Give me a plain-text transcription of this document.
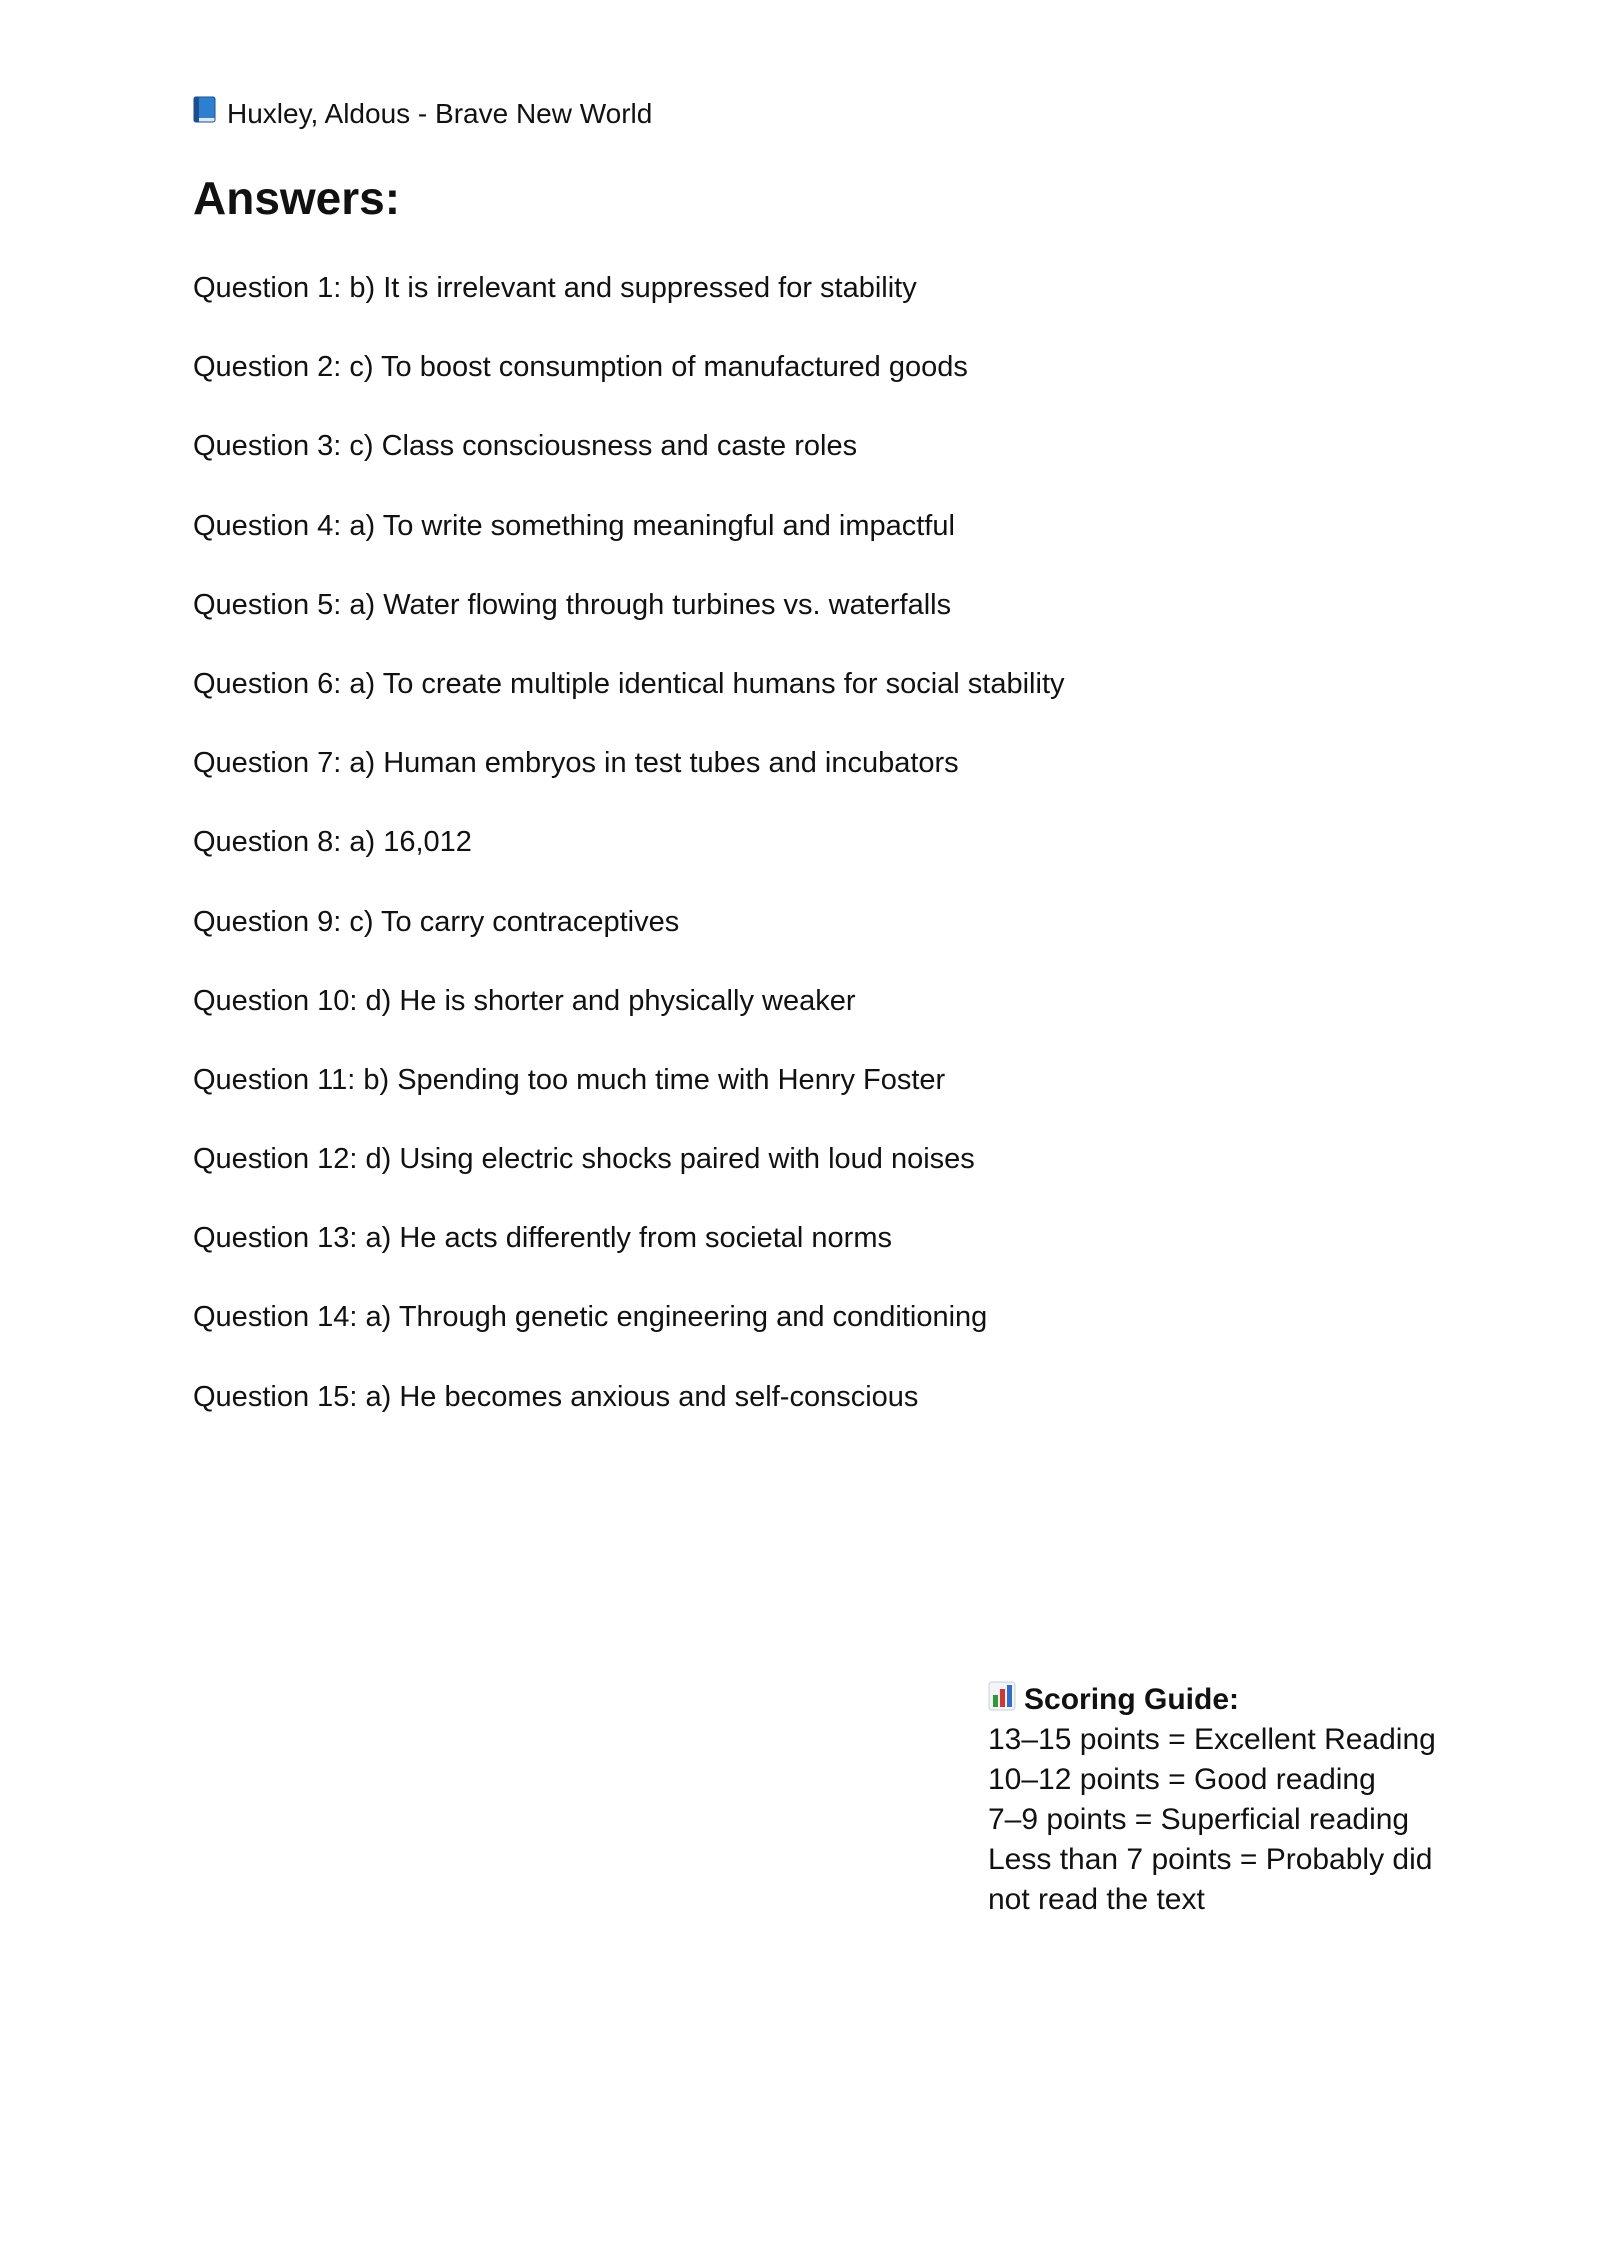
Huxley, Aldous - Brave New World
Answers:
Question 1: b) It is irrelevant and suppressed for stability
Question 2: c) To boost consumption of manufactured goods
Question 3: c) Class consciousness and caste roles
Question 4: a) To write something meaningful and impactful
Question 5: a) Water flowing through turbines vs. waterfalls
Question 6: a) To create multiple identical humans for social stability
Question 7: a) Human embryos in test tubes and incubators
Question 8: a) 16,012
Question 9: c) To carry contraceptives
Question 10: d) He is shorter and physically weaker
Question 11: b) Spending too much time with Henry Foster
Question 12: d) Using electric shocks paired with loud noises
Question 13: a) He acts differently from societal norms
Question 14: a) Through genetic engineering and conditioning
Question 15: a) He becomes anxious and self-conscious
Scoring Guide:
13–15 points = Excellent Reading
10–12 points = Good reading
7–9 points = Superficial reading
Less than 7 points = Probably did not read the text
